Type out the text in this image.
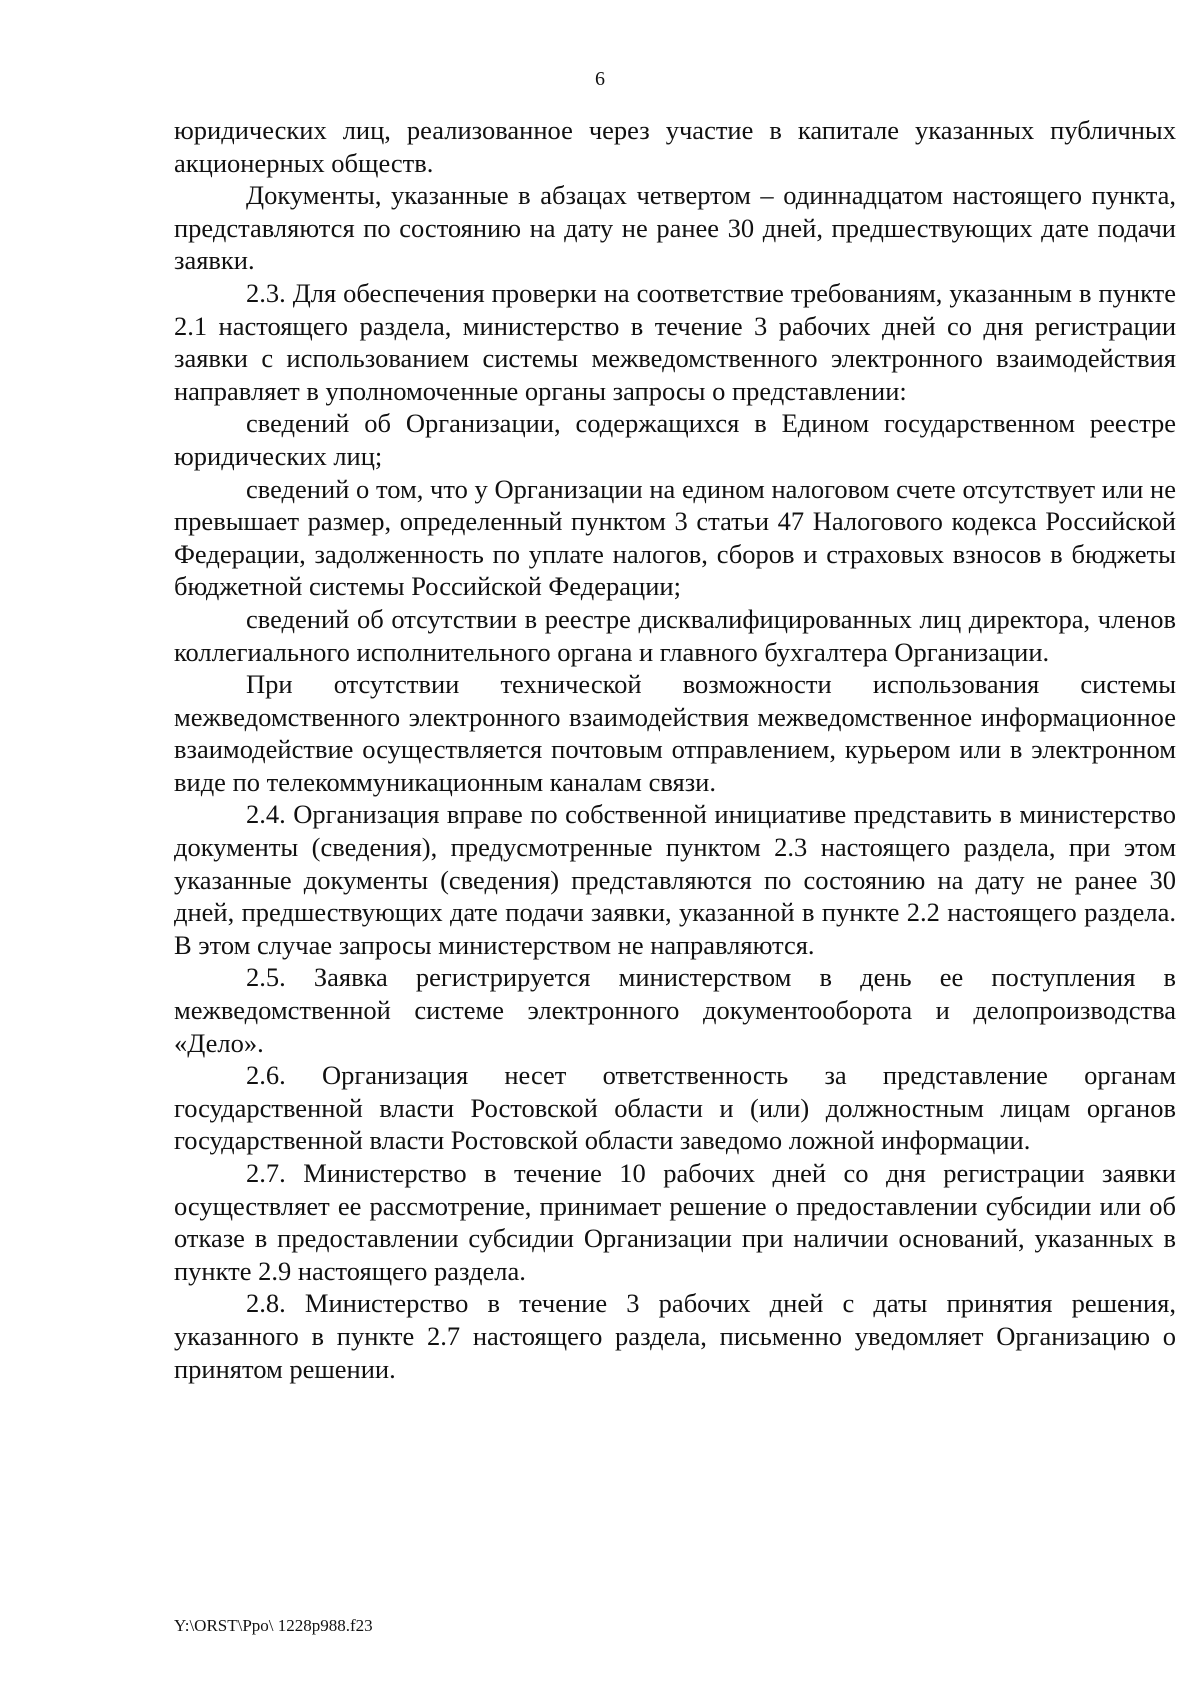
6

юридических лиц, реализованное через участие в капитале указанных публичных акционерных обществ.

Документы, указанные в абзацах четвертом – одиннадцатом настоящего пункта, представляются по состоянию на дату не ранее 30 дней, предшествующих дате подачи заявки.

2.3. Для обеспечения проверки на соответствие требованиям, указанным в пункте 2.1 настоящего раздела, министерство в течение 3 рабочих дней со дня регистрации заявки с использованием системы межведомственного электронного взаимодействия направляет в уполномоченные органы запросы о представлении:

сведений об Организации, содержащихся в Едином государственном реестре юридических лиц;

сведений о том, что у Организации на едином налоговом счете отсутствует или не превышает размер, определенный пунктом 3 статьи 47 Налогового кодекса Российской Федерации, задолженность по уплате налогов, сборов и страховых взносов в бюджеты бюджетной системы Российской Федерации;

сведений об отсутствии в реестре дисквалифицированных лиц директора, членов коллегиального исполнительного органа и главного бухгалтера Организации.

При отсутствии технической возможности использования системы межведомственного электронного взаимодействия межведомственное информационное взаимодействие осуществляется почтовым отправлением, курьером или в электронном виде по телекоммуникационным каналам связи.

2.4. Организация вправе по собственной инициативе представить в министерство документы (сведения), предусмотренные пунктом 2.3 настоящего раздела, при этом указанные документы (сведения) представляются по состоянию на дату не ранее 30 дней, предшествующих дате подачи заявки, указанной в пункте 2.2 настоящего раздела. В этом случае запросы министерством не направляются.

2.5. Заявка регистрируется министерством в день ее поступления в межведомственной системе электронного документооборота и делопроизводства «Дело».

2.6. Организация несет ответственность за представление органам государственной власти Ростовской области и (или) должностным лицам органов государственной власти Ростовской области заведомо ложной информации.

2.7. Министерство в течение 10 рабочих дней со дня регистрации заявки осуществляет ее рассмотрение, принимает решение о предоставлении субсидии или об отказе в предоставлении субсидии Организации при наличии оснований, указанных в пункте 2.9 настоящего раздела.

2.8. Министерство в течение 3 рабочих дней с даты принятия решения, указанного в пункте 2.7 настоящего раздела, письменно уведомляет Организацию о принятом решении.

Y:\ORST\Ppo\ 1228p988.f23
